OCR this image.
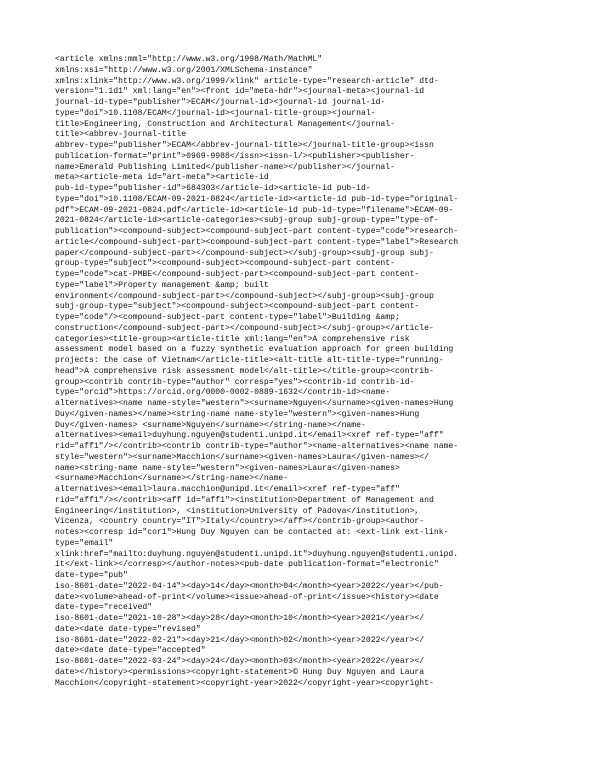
<article xmlns:mml="http://www.w3.org/1998/Math/MathML"
xmlns:xsi="http://www.w3.org/2001/XMLSchema-instance"
xmlns:xlink="http://www.w3.org/1999/xlink" article-type="research-article" dtd-
version="1.1d1" xml:lang="en"><front id="meta-hdr"><journal-meta><journal-id
journal-id-type="publisher">ECAM</journal-id><journal-id journal-id-
type="doi">10.1108/ECAM</journal-id><journal-title-group><journal-
title>Engineering, Construction and Architectural Management</journal-
title><abbrev-journal-title
abbrev-type="publisher">ECAM</abbrev-journal-title></journal-title-group><issn
publication-format="print">0969-9988</issn><issn-l/><publisher><publisher-
name>Emerald Publishing Limited</publisher-name></publisher></journal-
meta><article-meta id="art-meta"><article-id
pub-id-type="publisher-id">684303</article-id><article-id pub-id-
type="doi">10.1108/ECAM-09-2021-0824</article-id><article-id pub-id-type="original-
pdf">ECAM-09-2021-0824.pdf</article-id><article-id pub-id-type="filename">ECAM-09-
2021-0824</article-id><article-categories><subj-group subj-group-type="type-of-
publication"><compound-subject><compound-subject-part content-type="code">research-
article</compound-subject-part><compound-subject-part content-type="label">Research
paper</compound-subject-part></compound-subject></subj-group><subj-group subj-
group-type="subject"><compound-subject><compound-subject-part content-
type="code">cat-PMBE</compound-subject-part><compound-subject-part content-
type="label">Property management &amp; built
environment</compound-subject-part></compound-subject></subj-group><subj-group
subj-group-type="subject"><compound-subject><compound-subject-part content-
type="code"/><compound-subject-part content-type="label">Building &amp;
construction</compound-subject-part></compound-subject></subj-group></article-
categories><title-group><article-title xml:lang="en">A comprehensive risk
assessment model based on a fuzzy synthetic evaluation approach for green building
projects: the case of Vietnam</article-title><alt-title alt-title-type="running-
head">A comprehensive risk assessment model</alt-title></title-group><contrib-
group><contrib contrib-type="author" corresp="yes"><contrib-id contrib-id-
type="orcid">https://orcid.org/0000-0002-0889-1632</contrib-id><name-
alternatives><name name-style="western"><surname>Nguyen</surname><given-names>Hung
Duy</given-names></name><string-name name-style="western"><given-names>Hung
Duy</given-names> <surname>Nguyen</surname></string-name></name-
alternatives><email>duyhung.nguyen@studenti.unipd.it</email><xref ref-type="aff"
rid="aff1"/></contrib><contrib contrib-type="author"><name-alternatives><name name-
style="western"><surname>Macchion</surname><given-names>Laura</given-names></
name><string-name name-style="western"><given-names>Laura</given-names>
<surname>Macchion</surname></string-name></name-
alternatives><email>laura.macchion@unipd.it</email><xref ref-type="aff"
rid="aff1"/></contrib><aff id="aff1"><institution>Department of Management and
Engineering</institution>, <institution>University of Padova</institution>,
Vicenza, <country country="IT">Italy</country></aff></contrib-group><author-
notes><corresp id="cor1">Hung Duy Nguyen can be contacted at: <ext-link ext-link-
type="email"
xlink:href="mailto:duyhung.nguyen@studenti.unipd.it">duyhung.nguyen@studenti.unipd.
it</ext-link></corresp></author-notes><pub-date publication-format="electronic"
date-type="pub"
iso-8601-date="2022-04-14"><day>14</day><month>04</month><year>2022</year></pub-
date><volume>ahead-of-print</volume><issue>ahead-of-print</issue><history><date
date-type="received"
iso-8601-date="2021-10-28"><day>28</day><month>10</month><year>2021</year></
date><date date-type="revised"
iso-8601-date="2022-02-21"><day>21</day><month>02</month><year>2022</year></
date><date date-type="accepted"
iso-8601-date="2022-03-24"><day>24</day><month>03</month><year>2022</year></
date></history><permissions><copyright-statement>© Hung Duy Nguyen and Laura
Macchion</copyright-statement><copyright-year>2022</copyright-year><copyright-
